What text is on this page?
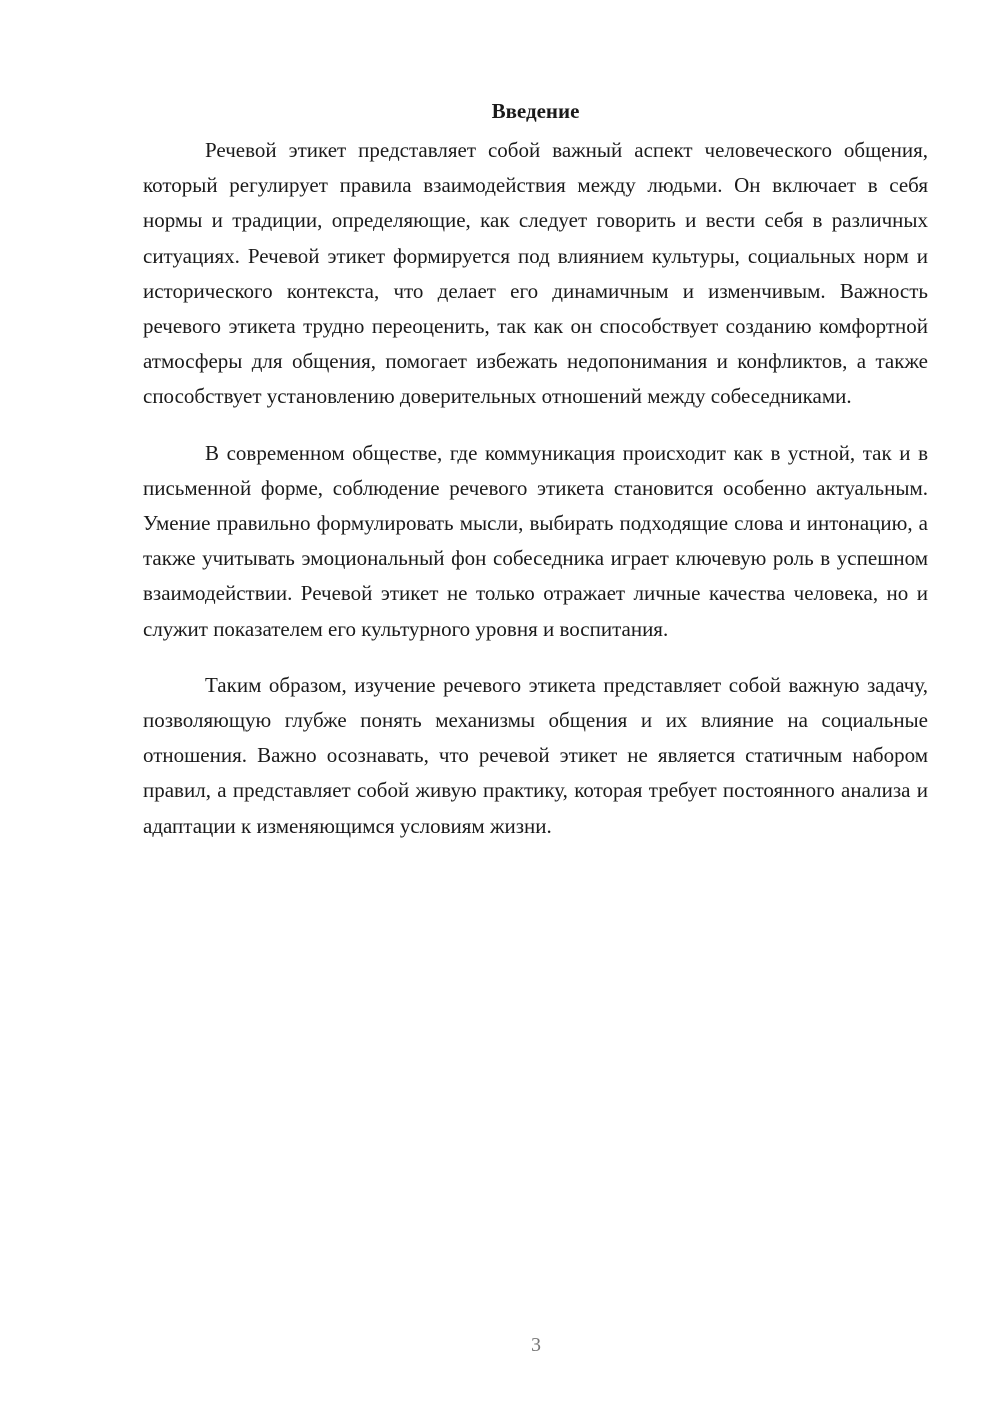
Введение

Речевой этикет представляет собой важный аспект человеческого общения, который регулирует правила взаимодействия между людьми. Он включает в себя нормы и традиции, определяющие, как следует говорить и вести себя в различных ситуациях. Речевой этикет формируется под влиянием культуры, социальных норм и исторического контекста, что делает его динамичным и изменчивым. Важность речевого этикета трудно переоценить, так как он способствует созданию комфортной атмосферы для общения, помогает избежать недопонимания и конфликтов, а также способствует установлению доверительных отношений между собеседниками.

В современном обществе, где коммуникация происходит как в устной, так и в письменной форме, соблюдение речевого этикета становится особенно актуальным. Умение правильно формулировать мысли, выбирать подходящие слова и интонацию, а также учитывать эмоциональный фон собеседника играет ключевую роль в успешном взаимодействии. Речевой этикет не только отражает личные качества человека, но и служит показателем его культурного уровня и воспитания.

Таким образом, изучение речевого этикета представляет собой важную задачу, позволяющую глубже понять механизмы общения и их влияние на социальные отношения. Важно осознавать, что речевой этикет не является статичным набором правил, а представляет собой живую практику, которая требует постоянного анализа и адаптации к изменяющимся условиям жизни.

3
